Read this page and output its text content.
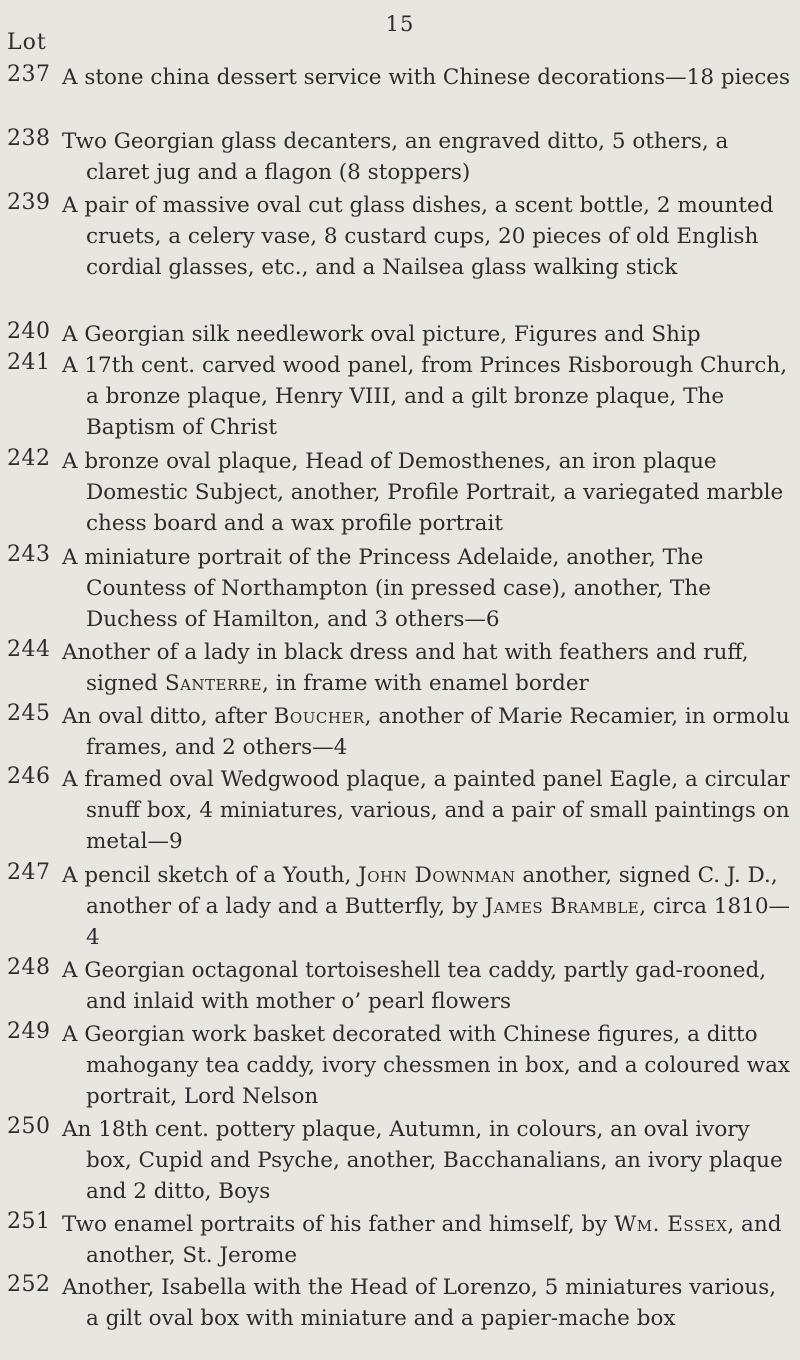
15
Lot
237 A stone china dessert service with Chinese decorations—18 pieces

238 Two Georgian glass decanters, an engraved ditto, 5 others, a claret jug and a flagon (8 stoppers)

239 A pair of massive oval cut glass dishes, a scent bottle, 2 mounted cruets, a celery vase, 8 custard cups, 20 pieces of old English cordial glasses, etc., and a Nailsea glass walking stick

240 A Georgian silk needlework oval picture, Figures and Ship

241 A 17th cent. carved wood panel, from Princes Risborough Church, a bronze plaque, Henry VIII, and a gilt bronze plaque, The Baptism of Christ

242 A bronze oval plaque, Head of Demosthenes, an iron plaque Domestic Subject, another, Profile Portrait, a variegated marble chess board and a wax profile portrait

243 A miniature portrait of the Princess Adelaide, another, The Countess of Northampton (in pressed case), another, The Duchess of Hamilton, and 3 others—6

244 Another of a lady in black dress and hat with feathers and ruff, signed Santerre, in frame with enamel border

245 An oval ditto, after Boucher, another of Marie Recamier, in ormolu frames, and 2 others—4

246 A framed oval Wedgwood plaque, a painted panel Eagle, a circular snuff box, 4 miniatures, various, and a pair of small paintings on metal—9

247 A pencil sketch of a Youth, John Downman another, signed C. J. D., another of a lady and a Butterfly, by James Bramble, circa 1810—4

248 A Georgian octagonal tortoiseshell tea caddy, partly gad-rooned, and inlaid with mother o’ pearl flowers

249 A Georgian work basket decorated with Chinese figures, a ditto mahogany tea caddy, ivory chessmen in box, and a coloured wax portrait, Lord Nelson

250 An 18th cent. pottery plaque, Autumn, in colours, an oval ivory box, Cupid and Psyche, another, Bacchanalians, an ivory plaque and 2 ditto, Boys

251 Two enamel portraits of his father and himself, by Wm. Essex, and another, St. Jerome

252 Another, Isabella with the Head of Lorenzo, 5 miniatures various, a gilt oval box with miniature and a papier-mache box
